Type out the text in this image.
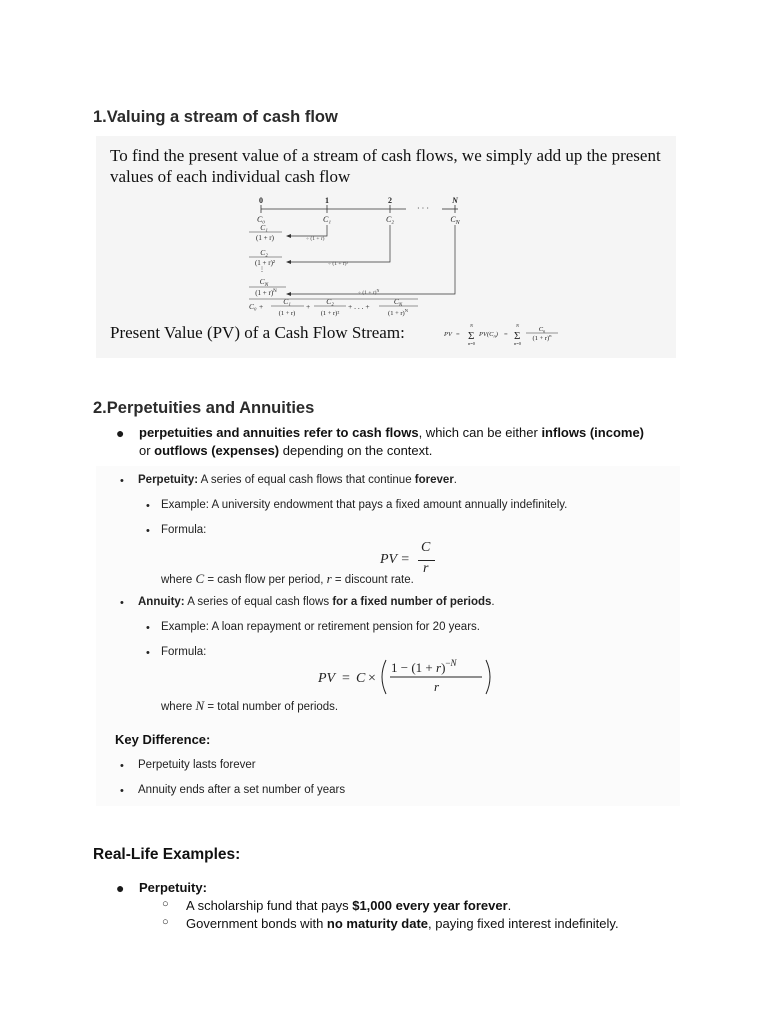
1.Valuing a stream of cash flow
To find the present value of a stream of cash flows, we simply add up the present values of each individual cash flow
0	1	2	N
· · ·
C₀	C₁	C₂	$C_N$
÷ (1 + r)
÷ (1 + r)²
÷ $(1 + r)^N$
C₁
(1 + r)
C₂
(1 + r)²
⋮
$C_N$
$(1 + r)^N$
C₀ +
C₁
(1 + r)
+
C₂
(1 + r)²
+ . . . +
$C_N$
$(1 + r)^N$
PV = Σ
N
n=0
$PV(C_n) = \Sigma$
N
n=0
$C_n$
$(1 + r)^n$
Present Value (PV) of a Cash Flow Stream:
2.Perpetuities and Annuities
● perpetuities and annuities refer to cash flows, which can be either inflows (income) or outflows (expenses) depending on the context.
• Perpetuity: A series of equal cash flows that continue forever.
• Example: A university endowment that pays a fixed amount annually indefinitely.
• Formula:
PV =
C
r
where C = cash flow per period, r = discount rate.
• Annuity: A series of equal cash flows for a fixed number of periods.
• Example: A loan repayment or retirement pension for 20 years.
• Formula:
PV = C ×
$1 - (1 + r)^{-N}$
r
where N = total number of periods.
Key Difference:
• Perpetuity lasts forever
• Annuity ends after a set number of years
Real-Life Examples:
● Perpetuity:
○ A scholarship fund that pays $1,000 every year forever.
○ Government bonds with no maturity date, paying fixed interest indefinitely.
